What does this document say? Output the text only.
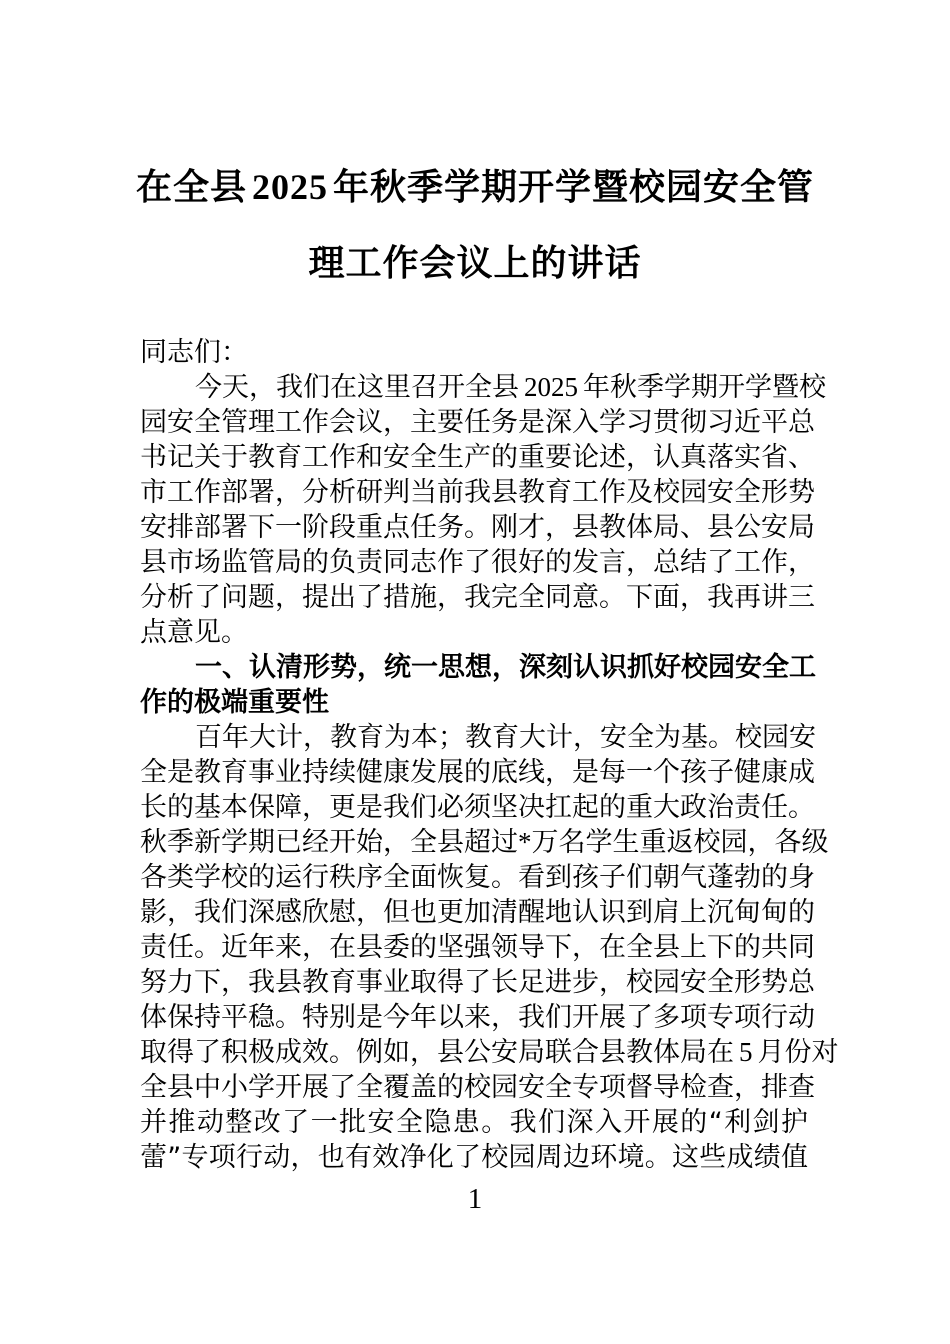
在全县 2025 年秋季学期开学暨校园安全管
理工作会议上的讲话
同志们：
今天，我们在这里召开全县 2025 年秋季学期开学暨校
园安全管理工作会议，主要任务是深入学习贯彻习近平总
书记关于教育工作和安全生产的重要论述，认真落实省、
市工作部署，分析研判当前我县教育工作及校园安全形势
安排部署下一阶段重点任务。刚才，县教体局、县公安局
县市场监管局的负责同志作了很好的发言，总结了工作，
分析了问题，提出了措施，我完全同意。下面，我再讲三
点意见。
一、认清形势，统一思想，深刻认识抓好校园安全工
作的极端重要性
百年大计，教育为本；教育大计，安全为基。校园安
全是教育事业持续健康发展的底线，是每一个孩子健康成
长的基本保障，更是我们必须坚决扛起的重大政治责任。
秋季新学期已经开始，全县超过*万名学生重返校园，各级
各类学校的运行秩序全面恢复。看到孩子们朝气蓬勃的身
影，我们深感欣慰，但也更加清醒地认识到肩上沉甸甸的
责任。近年来，在县委的坚强领导下，在全县上下的共同
努力下，我县教育事业取得了长足进步，校园安全形势总
体保持平稳。特别是今年以来，我们开展了多项专项行动
取得了积极成效。例如，县公安局联合县教体局在 5 月份对
全县中小学开展了全覆盖的校园安全专项督导检查，排查
并推动整改了一批安全隐患。我们深入开展的“利剑护
蕾”专项行动，也有效净化了校园周边环境。这些成绩值
1
